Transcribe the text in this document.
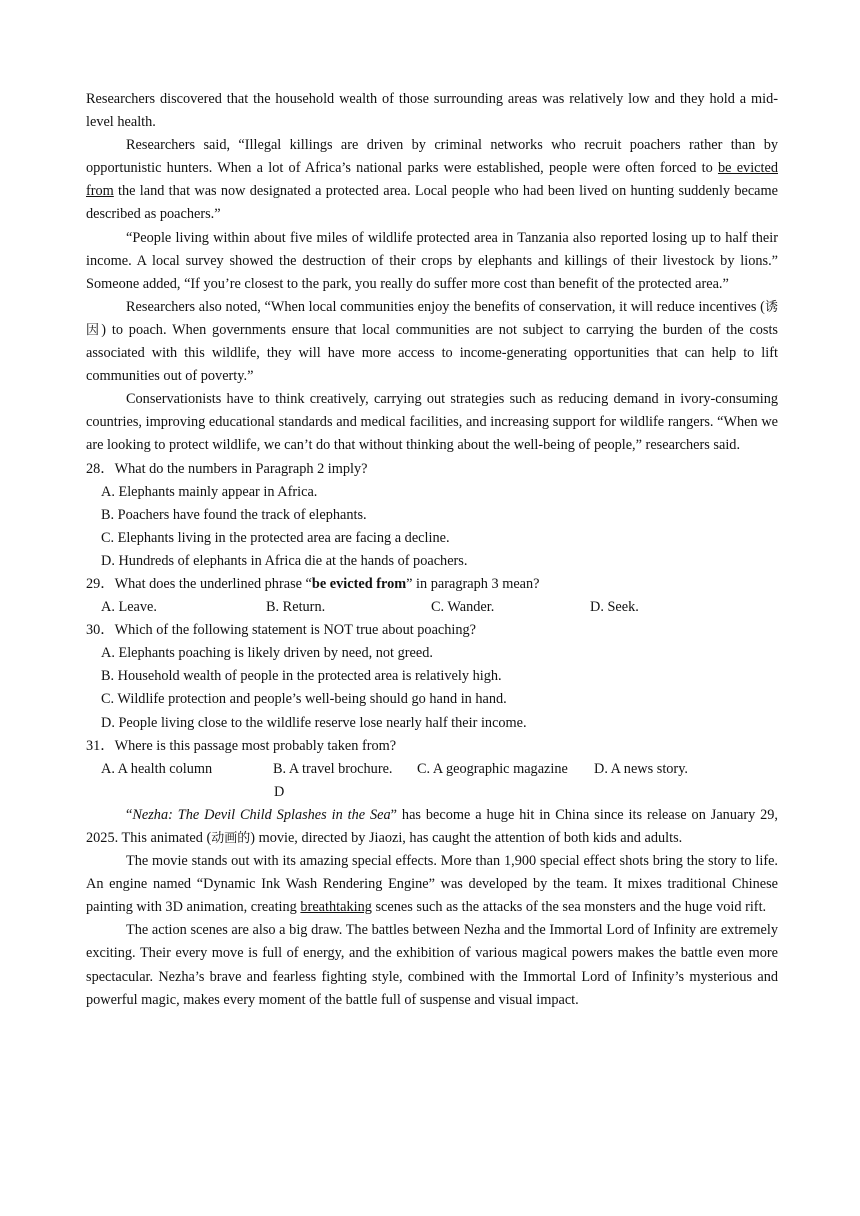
Researchers discovered that the household wealth of those surrounding areas was relatively low and they hold a mid-level health.

Researchers said, “Illegal killings are driven by criminal networks who recruit poachers rather than by opportunistic hunters. When a lot of Africa’s national parks were established, people were often forced to be evicted from the land that was now designated a protected area. Local people who had been lived on hunting suddenly became described as poachers.”

“People living within about five miles of wildlife protected area in Tanzania also reported losing up to half their income. A local survey showed the destruction of their crops by elephants and killings of their livestock by lions.” Someone added, “If you’re closest to the park, you really do suffer more cost than benefit of the protected area.”

Researchers also noted, “When local communities enjoy the benefits of conservation, it will reduce incentives (诱因) to poach. When governments ensure that local communities are not subject to carrying the burden of the costs associated with this wildlife, they will have more access to income-generating opportunities that can help to lift communities out of poverty.”

Conservationists have to think creatively, carrying out strategies such as reducing demand in ivory-consuming countries, improving educational standards and medical facilities, and increasing support for wildlife rangers. “When we are looking to protect wildlife, we can’t do that without thinking about the well-being of people,” researchers said.

28．What do the numbers in Paragraph 2 imply?

A. Elephants mainly appear in Africa.

B. Poachers have found the track of elephants.

C. Elephants living in the protected area are facing a decline.

D. Hundreds of elephants in Africa die at the hands of poachers.

29．What does the underlined phrase “be evicted from” in paragraph 3 mean?

A. Leave.	B. Return.	C. Wander.	D. Seek.

30．Which of the following statement is NOT true about poaching?

A. Elephants poaching is likely driven by need, not greed.

B. Household wealth of people in the protected area is relatively high.

C. Wildlife protection and people’s well-being should go hand in hand.

D. People living close to the wildlife reserve lose nearly half their income.

31．Where is this passage most probably taken from?

A. A health column	B. A travel brochure.	C. A geographic magazine	D. A news story.

D

“Nezha: The Devil Child Splashes in the Sea” has become a huge hit in China since its release on January 29, 2025. This animated (动画的) movie, directed by Jiaozi, has caught the attention of both kids and adults.

The movie stands out with its amazing special effects. More than 1,900 special effect shots bring the story to life. An engine named “Dynamic Ink Wash Rendering Engine” was developed by the team. It mixes traditional Chinese painting with 3D animation, creating breathtaking scenes such as the attacks of the sea monsters and the huge void rift.

The action scenes are also a big draw. The battles between Nezha and the Immortal Lord of Infinity are extremely exciting. Their every move is full of energy, and the exhibition of various magical powers makes the battle even more spectacular. Nezha’s brave and fearless fighting style, combined with the Immortal Lord of Infinity’s mysterious and powerful magic, makes every moment of the battle full of suspense and visual impact.
